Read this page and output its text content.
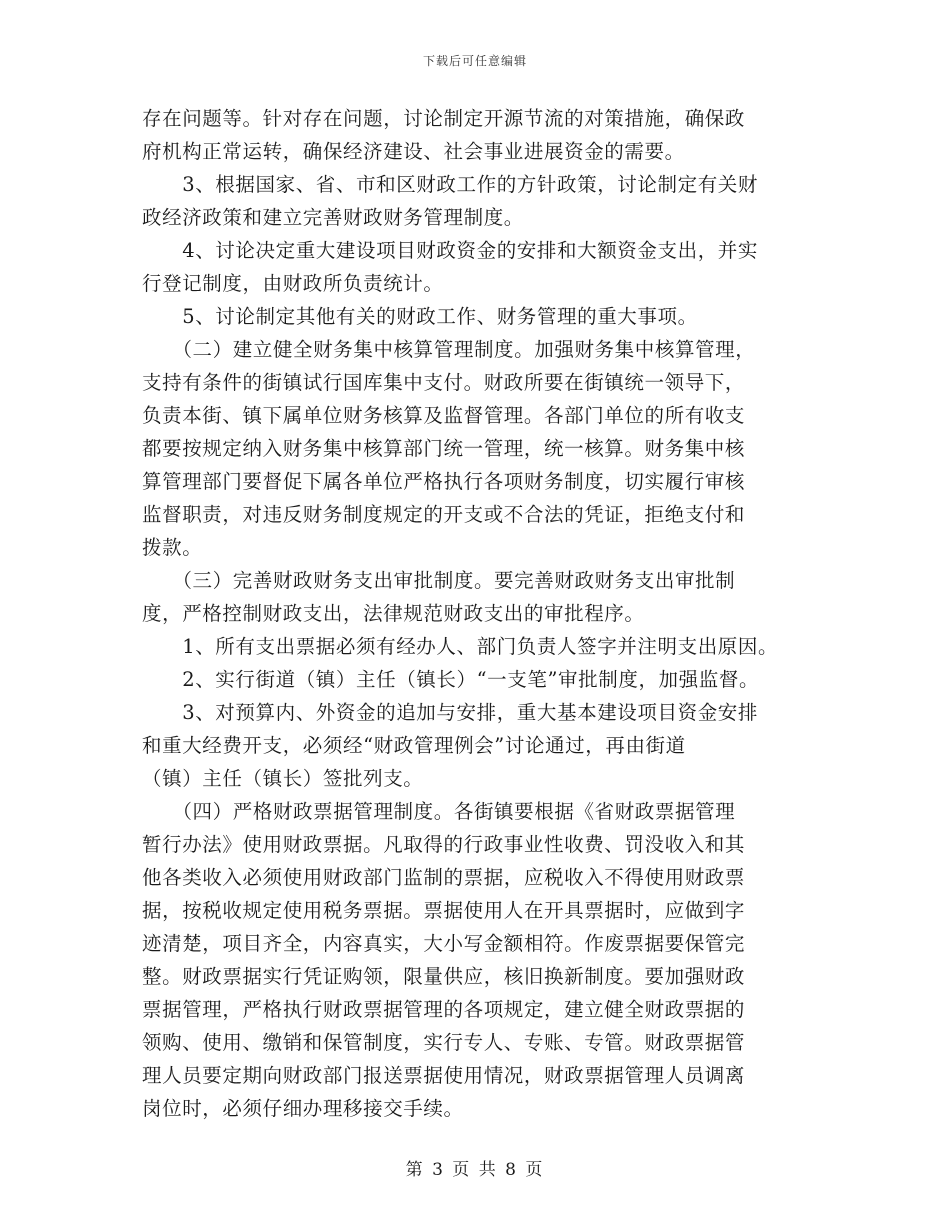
下载后可任意编辑

存在问题等。针对存在问题，讨论制定开源节流的对策措施，确保政

府机构正常运转，确保经济建设、社会事业进展资金的需要。

　　3、根据国家、省、市和区财政工作的方针政策，讨论制定有关财

政经济政策和建立完善财政财务管理制度。

　　4、讨论决定重大建设项目财政资金的安排和大额资金支出，并实

行登记制度，由财政所负责统计。

　　5、讨论制定其他有关的财政工作、财务管理的重大事项。

　　（二）建立健全财务集中核算管理制度。加强财务集中核算管理，

支持有条件的街镇试行国库集中支付。财政所要在街镇统一领导下，

负责本街、镇下属单位财务核算及监督管理。各部门单位的所有收支

都要按规定纳入财务集中核算部门统一管理，统一核算。财务集中核

算管理部门要督促下属各单位严格执行各项财务制度，切实履行审核

监督职责，对违反财务制度规定的开支或不合法的凭证，拒绝支付和

拨款。

　　（三）完善财政财务支出审批制度。要完善财政财务支出审批制

度，严格控制财政支出，法律规范财政支出的审批程序。

　　1、所有支出票据必须有经办人、部门负责人签字并注明支出原因。

　　2、实行街道（镇）主任（镇长）“一支笔”审批制度，加强监督。

　　3、对预算内、外资金的追加与安排，重大基本建设项目资金安排

和重大经费开支，必须经“财政管理例会”讨论通过，再由街道

（镇）主任（镇长）签批列支。

　　（四）严格财政票据管理制度。各街镇要根据《省财政票据管理

暂行办法》使用财政票据。凡取得的行政事业性收费、罚没收入和其

他各类收入必须使用财政部门监制的票据，应税收入不得使用财政票

据，按税收规定使用税务票据。票据使用人在开具票据时，应做到字

迹清楚，项目齐全，内容真实，大小写金额相符。作废票据要保管完

整。财政票据实行凭证购领，限量供应，核旧换新制度。要加强财政

票据管理，严格执行财政票据管理的各项规定，建立健全财政票据的

领购、使用、缴销和保管制度，实行专人、专账、专管。财政票据管

理人员要定期向财政部门报送票据使用情况，财政票据管理人员调离

岗位时，必须仔细办理移接交手续。

第 3 页 共 8 页
